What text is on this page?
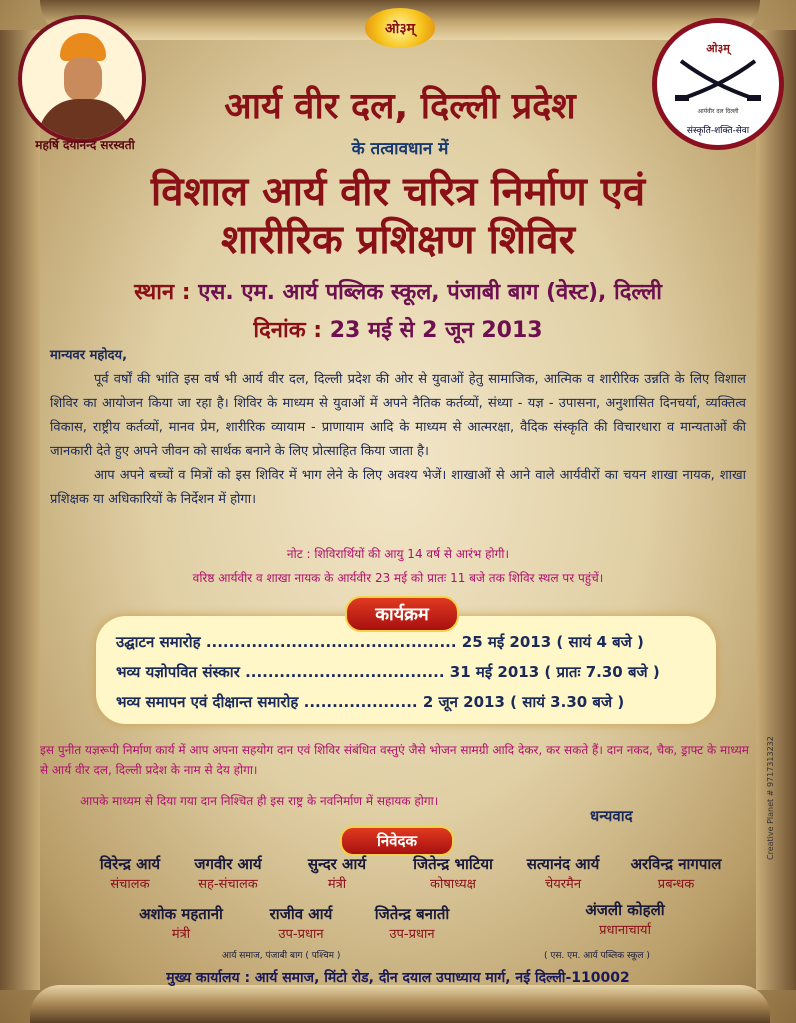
ओ३म्
महर्षि दयानन्द सरस्वती
ओ३म्
आर्यवीर दल दिल्ली
संस्कृति-शक्ति-सेवा
आर्य वीर दल, दिल्ली प्रदेश
के तत्वावधान में
विशाल आर्य वीर चरित्र निर्माण एवं
शारीरिक प्रशिक्षण शिविर
स्थान : एस. एम. आर्य पब्लिक स्कूल, पंजाबी बाग (वेस्ट), दिल्ली
दिनांक : 23 मई से 2 जून 2013

मान्यवर महोदय,

पूर्व वर्षों की भांति इस वर्ष भी आर्य वीर दल, दिल्ली प्रदेश की ओर से युवाओं हेतु सामाजिक, आत्मिक व शारीरिक उन्नति के लिए विशाल शिविर का आयोजन किया जा रहा है। शिविर के माध्यम से युवाओं में अपने नैतिक कर्तव्यों, संध्या - यज्ञ - उपासना, अनुशासित दिनचर्या, व्यक्तित्व विकास, राष्ट्रीय कर्तव्यों, मानव प्रेम, शारीरिक व्यायाम - प्राणायाम आदि के माध्यम से आत्मरक्षा, वैदिक संस्कृति की विचारधारा व मान्यताओं की जानकारी देते हुए अपने जीवन को सार्थक बनाने के लिए प्रोत्साहित किया जाता है।

आप अपने बच्चों व मित्रों को इस शिविर में भाग लेने के लिए अवश्य भेजें। शाखाओं से आने वाले आर्यवीरों का चयन शाखा नायक, शाखा प्रशिक्षक या अधिकारियों के निर्देशन में होगा।

नोट : शिविरार्थियों की आयु 14 वर्ष से आरंभ होगी।
वरिष्ठ आर्यवीर व शाखा नायक के आर्यवीर 23 मई को प्रातः 11 बजे तक शिविर स्थल पर पहुंचें।
उद्घाटन समारोह ............................................ 25 मई 2013 ( सायं 4 बजे )
भव्य यज्ञोपवित संस्कार ................................... 31 मई 2013 ( प्रातः 7.30 बजे )
भव्य समापन एवं दीक्षान्त समारोह .................... 2 जून 2013 ( सायं 3.30 बजे )
कार्यक्रम
इस पुनीत यज्ञरूपी निर्माण कार्य में आप अपना सहयोग दान एवं शिविर संबंधित वस्तुएं जैसे भोजन सामग्री आदि देकर, कर सकते हैं। दान नकद, चैक, ड्राफ्ट के माध्यम से आर्य वीर दल, दिल्ली प्रदेश के नाम से देय होगा।
आपके माध्यम से दिया गया दान निश्चित ही इस राष्ट्र के नवनिर्माण में सहायक होगा।
धन्यवाद
निवेदक
विरेन्द्र आर्य
संचालक
जगवीर आर्य
सह-संचालक
सुन्दर आर्य
मंत्री
जितेन्द्र भाटिया
कोषाध्यक्ष
सत्यानंद आर्य
चेयरमैन
अरविन्द्र नागपाल
प्रबन्धक
अशोक महतानी
मंत्री
राजीव आर्य
उप-प्रधान
जितेन्द्र बनाती
उप-प्रधान
अंजली कोहली
प्रधानाचार्या
आर्य समाज, पंजाबी बाग ( पश्चिम )	( एस. एम. आर्य पब्लिक स्कूल )
मुख्य कार्यालय : आर्य समाज, मिंटो रोड, दीन दयाल उपाध्याय मार्ग, नई दिल्ली-110002
Creative Planet # 9717313232
